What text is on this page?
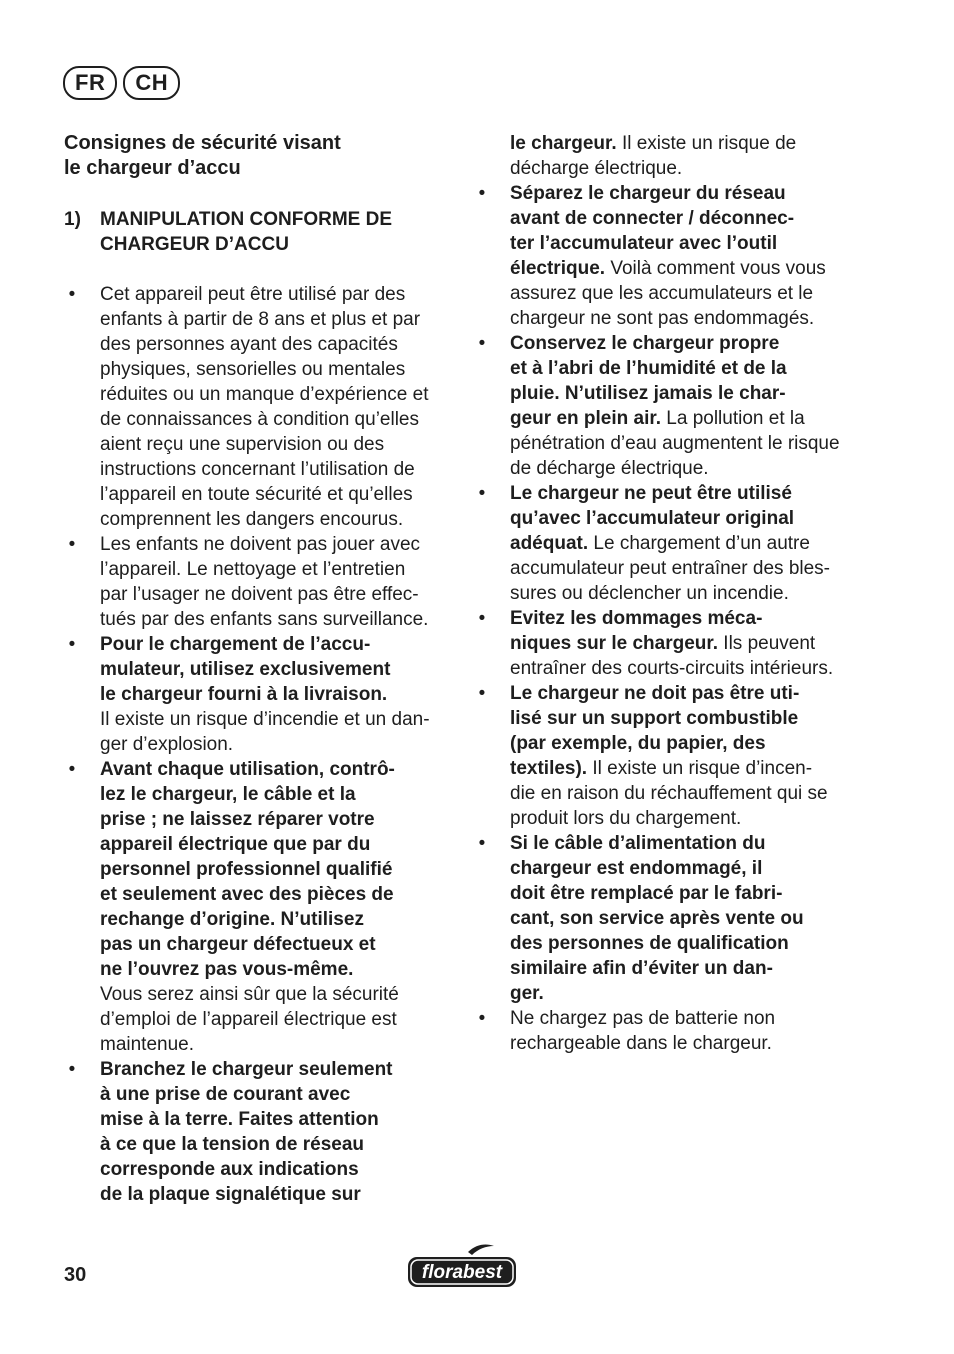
FR	CH
Consignes de sécurité visant
le chargeur d’accu
1)	MANIPULATION CONFORME DE
CHARGEUR D’ACCU
• Cet appareil peut être utilisé par des
enfants à partir de 8 ans et plus et par
des personnes ayant des capacités
physiques, sensorielles ou mentales
réduites ou un manque d’expérience et
de connaissances à condition qu’elles
aient reçu une supervision ou des
instructions concernant l’utilisation de
l’appareil en toute sécurité et qu’elles
comprennent les dangers encourus.
• Les enfants ne doivent pas jouer avec
l’appareil. Le nettoyage et l’entretien
par l’usager ne doivent pas être effec-
tués par des enfants sans surveillance.
• Pour le chargement de l’accu-
mulateur, utilisez exclusivement
le chargeur fourni à la livraison.
Il existe un risque d’incendie et un dan-
ger d’explosion.
• Avant chaque utilisation, contrô-
lez le chargeur, le câble et la
prise ; ne laissez réparer votre
appareil électrique que par du
personnel professionnel qualifié
et seulement avec des pièces de
rechange d’origine. N’utilisez
pas un chargeur défectueux et
ne l’ouvrez pas vous-même.
Vous serez ainsi sûr que la sécurité
d’emploi de l’appareil électrique est
maintenue.
• Branchez le chargeur seulement
à une prise de courant avec
mise à la terre. Faites attention
à ce que la tension de réseau
corresponde aux indications
de la plaque signalétique sur
le chargeur. Il existe un risque de
décharge électrique.
• Séparez le chargeur du réseau
avant de connecter / déconnec-
ter l’accumulateur avec l’outil
électrique. Voilà comment vous vous
assurez que les accumulateurs et le
chargeur ne sont pas endommagés.
• Conservez le chargeur propre
et à l’abri de l’humidité et de la
pluie. N’utilisez jamais le char-
geur en plein air. La pollution et la
pénétration d’eau augmentent le risque
de décharge électrique.
• Le chargeur ne peut être utilisé
qu’avec l’accumulateur original
adéquat. Le chargement d’un autre
accumulateur peut entraîner des bles-
sures ou déclencher un incendie.
• Evitez les dommages méca-
niques sur le chargeur. Ils peuvent
entraîner des courts-circuits intérieurs.
• Le chargeur ne doit pas être uti-
lisé sur un support combustible
(par exemple, du papier, des
textiles). Il existe un risque d’incen-
die en raison du réchauffement qui se
produit lors du chargement.
• Si le câble d’alimentation du
chargeur est endommagé, il
doit être remplacé par le fabri-
cant, son service après vente ou
des personnes de qualification
similaire afin d’éviter un dan-
ger.
• Ne chargez pas de batterie non
rechargeable dans le chargeur.
30	florabest
